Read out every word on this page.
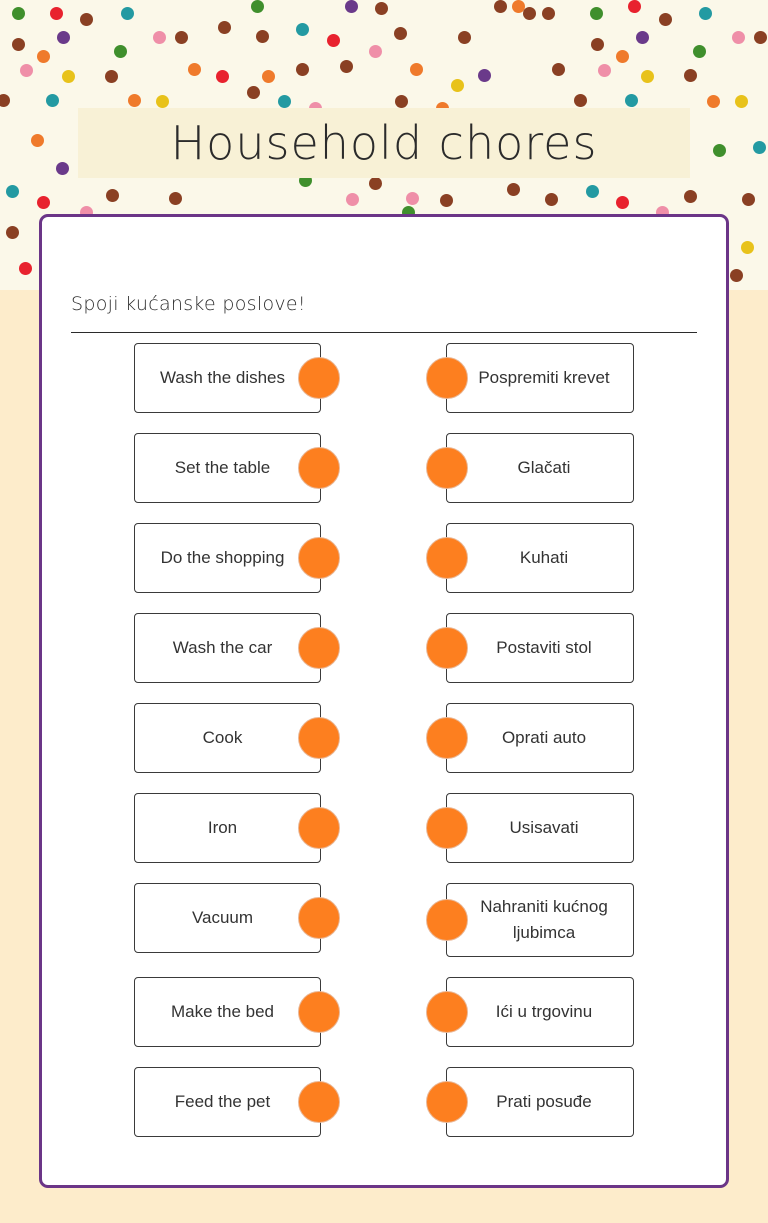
Household chores
Spoji kućanske poslove!
Wash the dishes
Set the table
Do the shopping
Wash the car
Cook
Iron
Vacuum
Make the bed
Feed the pet
Pospremiti krevet
Glačati
Kuhati
Postaviti stol
Oprati auto
Usisavati
Nahraniti kućnog ljubimca
Ići u trgovinu
Prati posuđe
